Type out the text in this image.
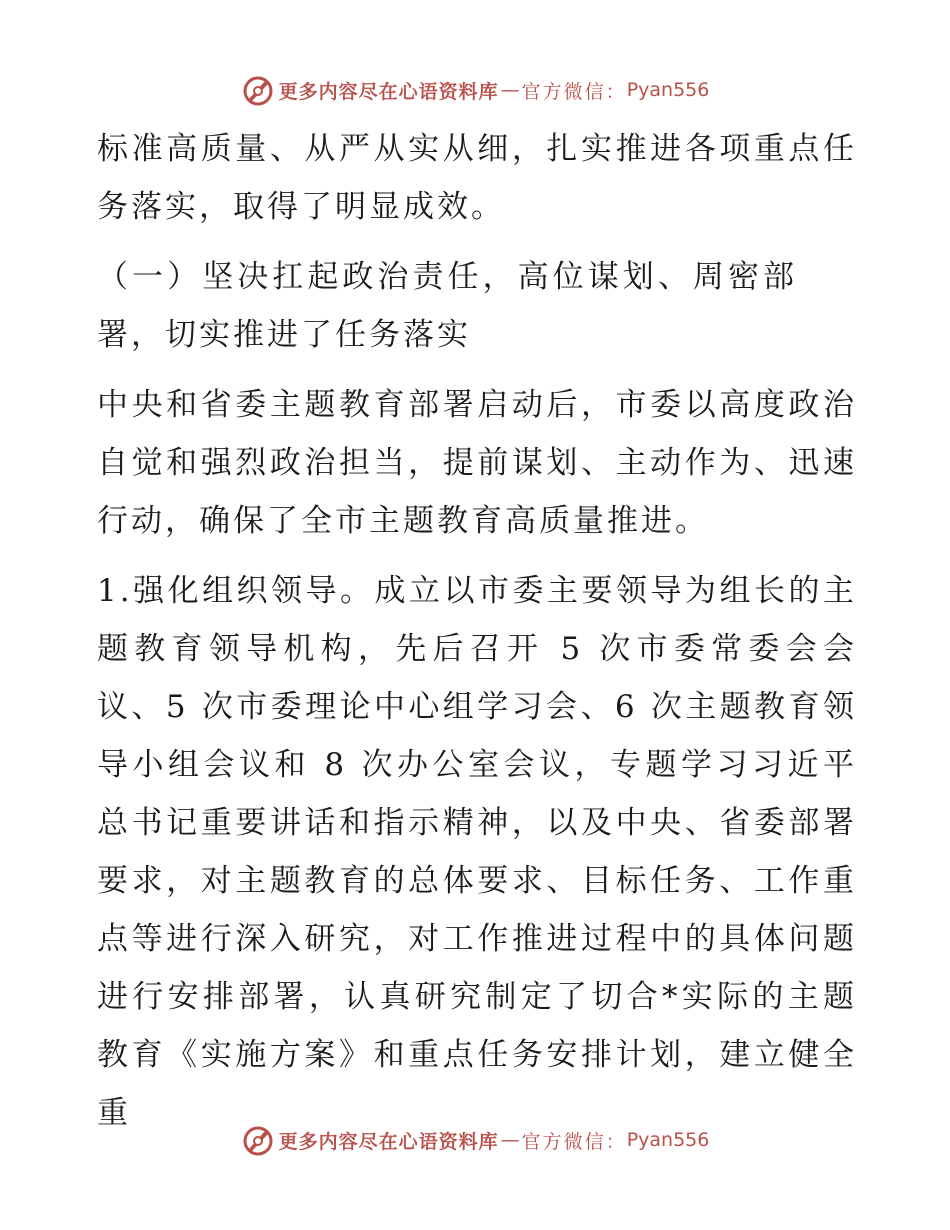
更多内容尽在心语资料库 — 官方微信： Pyan556

标准高质量、从严从实从细，扎实推进各项重点任务落实，取得了明显成效。

（一）坚决扛起政治责任，高位谋划、周密部署，切实推进了任务落实

中央和省委主题教育部署启动后，市委以高度政治自觉和强烈政治担当，提前谋划、主动作为、迅速行动，确保了全市主题教育高质量推进。

1.强化组织领导。成立以市委主要领导为组长的主题教育领导机构，先后召开 5 次市委常委会会议、5 次市委理论中心组学习会、6 次主题教育领导小组会议和 8 次办公室会议，专题学习习近平总书记重要讲话和指示精神，以及中央、省委部署要求，对主题教育的总体要求、目标任务、工作重点等进行深入研究，对工作推进过程中的具体问题进行安排部署，认真研究制定了切合*实际的主题教育《实施方案》和重点任务安排计划，建立健全重

更多内容尽在心语资料库 — 官方微信： Pyan556
